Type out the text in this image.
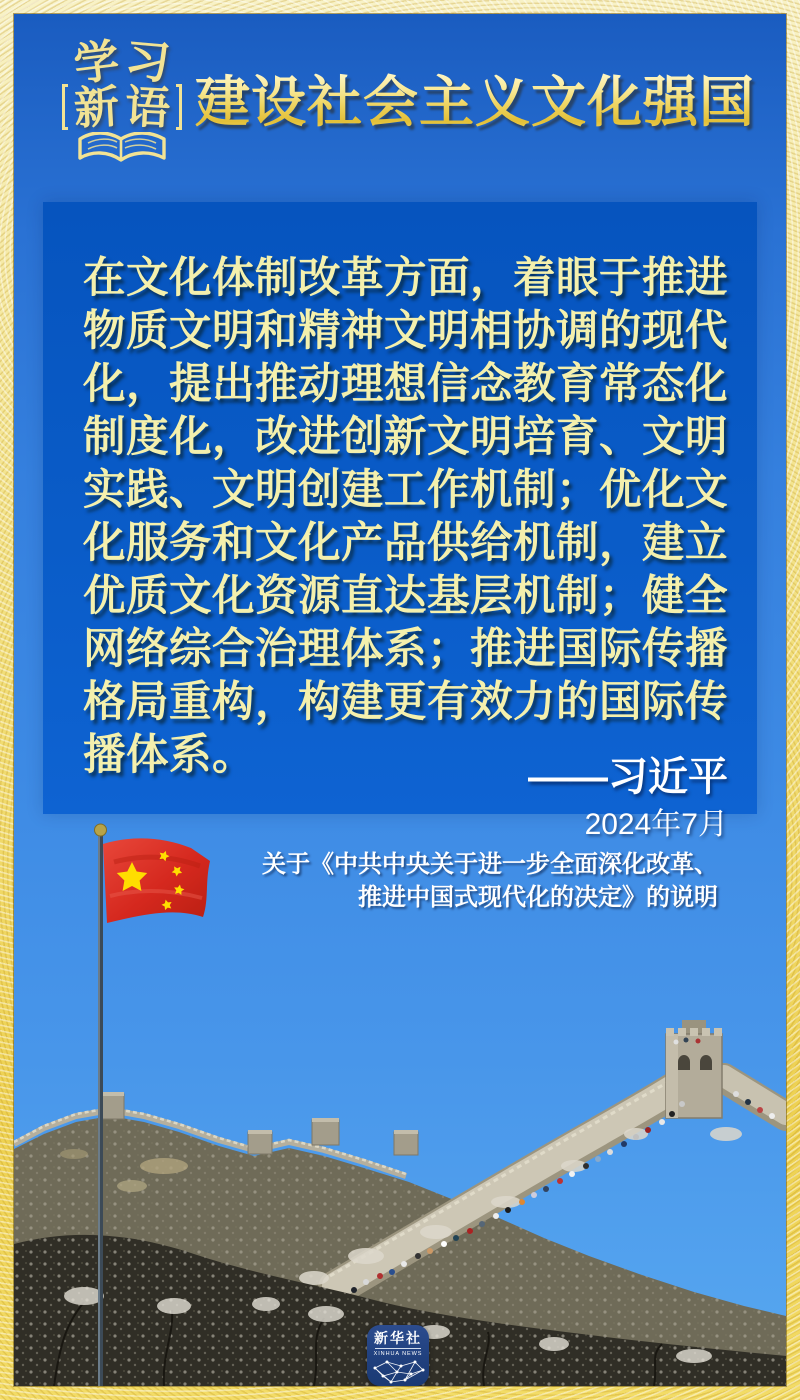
学 习
新 语 建设社会主义文化强国
在文化体制改革方面，着眼于推进
物质文明和精神文明相协调的现代
化，提出推动理想信念教育常态化
制度化，改进创新文明培育、文明
实践、文明创建工作机制；优化文
化服务和文化产品供给机制，建立
优质文化资源直达基层机制；健全
网络综合治理体系；推进国际传播
格局重构，构建更有效力的国际传
播体系。	——习近平
2024年7月
关于《中共中央关于进一步全面深化改革、
推进中国式现代化的决定》的说明
新华社
XINHUA NEWS
